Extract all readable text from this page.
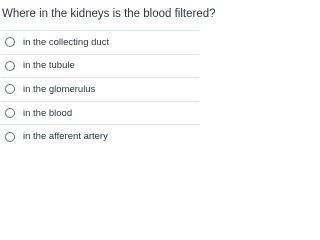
Where in the kidneys is the blood filtered?
in the collecting duct
in the tubule
in the glomerulus
in the blood
in the afferent artery
